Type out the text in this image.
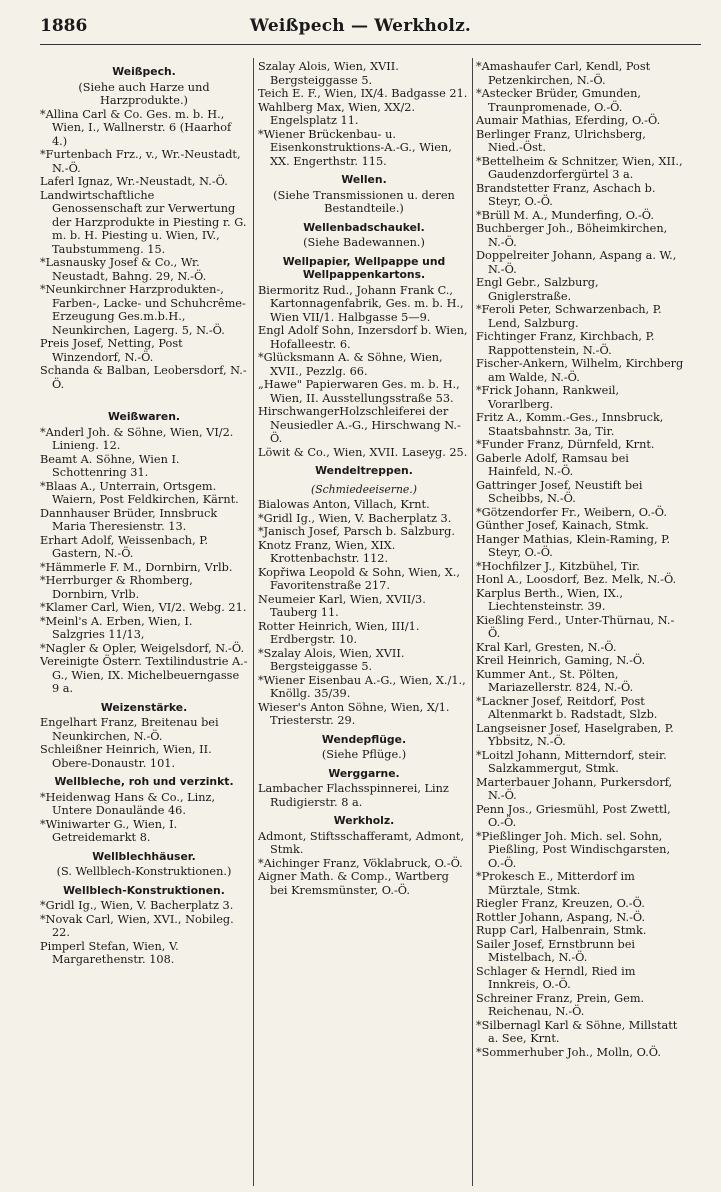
1886	Weißpech — Werkholz.
Weißpech.
(Siehe auch Harze und Harzprodukte.)
*Allina Carl & Co. Ges. m. b. H., Wien, I., Wallnerstr. 6 (Haarhof 4.)
*Furtenbach Frz., v., Wr.-Neustadt, N.-Ö.
Laferl Ignaz, Wr.-Neustadt, N.-Ö.
Landwirtschaftliche Genossenschaft zur Verwertung der Harzprodukte in Piesting r. G. m. b. H. Piesting u. Wien, IV., Taubstummeng. 15.
*Lasnausky Josef & Co., Wr. Neustadt, Bahng. 29, N.-Ö.
*Neunkirchner Harzprodukten-, Farben-, Lacke- und Schuhcrême-Erzeugung Ges.m.b.H., Neunkirchen, Lagerg. 5, N.-Ö.
Preis Josef, Netting, Post Winzendorf, N.-Ö.
Schanda & Balban, Leobersdorf, N.-Ö.
Weißwaren.
*Anderl Joh. & Söhne, Wien, VI/2. Linieng. 12.
Beamt A. Söhne, Wien I. Schottenring 31.
*Blaas A., Unterrain, Ortsgem. Waiern, Post Feldkirchen, Kärnt.
Dannhauser Brüder, Innsbruck Maria Theresienstr. 13.
Erhart Adolf, Weissenbach, P. Gastern, N.-Ö.
*Hämmerle F. M., Dornbirn, Vrlb.
*Herrburger & Rhomberg, Dornbirn, Vrlb.
*Klamer Carl, Wien, VI/2. Webg. 21.
*Meinl's A. Erben, Wien, I. Salzgries 11/13,
*Nagler & Opler, Weigelsdorf, N.-Ö.
Vereinigte Österr. Textilindustrie A.-G., Wien, IX. Michelbeuerngasse 9 a.
Weizenstärke.
Engelhart Franz, Breitenau bei Neunkirchen, N.-Ö.
Schleißner Heinrich, Wien, II. Obere-Donaustr. 101.
Wellbleche, roh und verzinkt.
*Heidenwag Hans & Co., Linz, Untere Donaulände 46.
*Winiwarter G., Wien, I. Getreidemarkt 8.
Wellblechhäuser.
(S. Wellblech-Konstruktionen.)
Wellblech-Konstruktionen.
*Gridl Ig., Wien, V. Bacherplatz 3.
*Novak Carl, Wien, XVI., Nobileg. 22.
Pimperl Stefan, Wien, V. Margarethenstr. 108.
Szalay Alois, Wien, XVII. Bergsteiggasse 5.
Teich E. F., Wien, IX/4. Badgasse 21.
Wahlberg Max, Wien, XX/2. Engelsplatz 11.
*Wiener Brückenbau- u. Eisenkonstruktions-A.-G., Wien, XX. Engerthstr. 115.
Wellen.
(Siehe Transmissionen u. deren Bestandteile.)
Wellenbadschaukel.
(Siehe Badewannen.)
Wellpapier, Wellpappe und Wellpappenkartons.
Biermoritz Rud., Johann Frank C., Kartonnagenfabrik, Ges. m. b. H., Wien VII/1. Halbgasse 5—9.
Engl Adolf Sohn, Inzersdorf b. Wien, Hofalleestr. 6.
*Glücksmann A. & Söhne, Wien, XVII., Pezzlg. 66.
„Hawe" Papierwaren Ges. m. b. H., Wien, II. Ausstellungsstraße 53.
HirschwangerHolzschleiferei der Neusiedler A.-G., Hirschwang N.-Ö.
Löwit & Co., Wien, XVII. Laseyg. 25.
Wendeltreppen.
(Schmiedeeiserne.)
Bialowas Anton, Villach, Krnt.
*Gridl Ig., Wien, V. Bacherplatz 3.
*Janisch Josef, Parsch b. Salzburg.
Knotz Franz, Wien, XIX. Krottenbachstr. 112.
Kopřiwa Leopold & Sohn, Wien, X., Favoritenstraße 217.
Neumeier Karl, Wien, XVII/3. Tauberg 11.
Rotter Heinrich, Wien, III/1. Erdbergstr. 10.
*Szalay Alois, Wien, XVII. Bergsteiggasse 5.
*Wiener Eisenbau A.-G., Wien, X./1., Knöllg. 35/39.
Wieser's Anton Söhne, Wien, X/1. Triesterstr. 29.
Wendepflüge.
(Siehe Pflüge.)
Werggarne.
Lambacher Flachsspinnerei, Linz Rudigierstr. 8 a.
Werkholz.
Admont, Stiftsschafferamt, Admont, Stmk.
*Aichinger Franz, Vöklabruck, O.-Ö.
Aigner Math. & Comp., Wartberg bei Kremsmünster, O.-Ö.
*Amashaufer Carl, Kendl, Post Petzenkirchen, N.-Ö.
*Astecker Brüder, Gmunden, Traunpromenade, O.-Ö.
Aumair Mathias, Eferding, O.-Ö.
Berlinger Franz, Ulrichsberg, Nied.-Öst.
*Bettelheim & Schnitzer, Wien, XII., Gaudenzdorfergürtel 3 a.
Brandstetter Franz, Aschach b. Steyr, O.-Ö.
*Brüll M. A., Munderfing, O.-Ö.
Buchberger Joh., Böheimkirchen, N.-Ö.
Doppelreiter Johann, Aspang a. W., N.-Ö.
Engl Gebr., Salzburg, Gniglerstraße.
*Feroli Peter, Schwarzenbach, P. Lend, Salzburg.
Fichtinger Franz, Kirchbach, P. Rappottenstein, N.-Ö.
Fischer-Ankern, Wilhelm, Kirchberg am Walde, N.-Ö.
*Frick Johann, Rankweil, Vorarlberg.
Fritz A., Komm.-Ges., Innsbruck, Staatsbahnstr. 3a, Tir.
*Funder Franz, Dürnfeld, Krnt.
Gaberle Adolf, Ramsau bei Hainfeld, N.-Ö.
Gattringer Josef, Neustift bei Scheibbs, N.-Ö.
*Götzendorfer Fr., Weibern, O.-Ö.
Günther Josef, Kainach, Stmk.
Hanger Mathias, Klein-Raming, P. Steyr, O.-Ö.
*Hochfilzer J., Kitzbühel, Tir.
Honl A., Loosdorf, Bez. Melk, N.-Ö.
Karplus Berth., Wien, IX., Liechtensteinstr. 39.
Kießling Ferd., Unter-Thürnau, N.-Ö.
Kral Karl, Gresten, N.-Ö.
Kreil Heinrich, Gaming, N.-Ö.
Kummer Ant., St. Pölten, Mariazellerstr. 824, N.-Ö.
*Lackner Josef, Reitdorf, Post Altenmarkt b. Radstadt, Slzb.
Langseisner Josef, Haselgraben, P. Ybbsitz, N.-Ö.
*Loitzl Johann, Mitterndorf, steir. Salzkammergut, Stmk.
Marterbauer Johann, Purkersdorf, N.-Ö.
Penn Jos., Griesmühl, Post Zwettl, O.-Ö.
*Pießlinger Joh. Mich. sel. Sohn, Pießling, Post Windischgarsten, O.-Ö.
*Prokesch E., Mitterdorf im Mürztale, Stmk.
Riegler Franz, Kreuzen, O.-Ö.
Rottler Johann, Aspang, N.-Ö.
Rupp Carl, Halbenrain, Stmk.
Sailer Josef, Ernstbrunn bei Mistelbach, N.-Ö.
Schlager & Herndl, Ried im Innkreis, O.-Ö.
Schreiner Franz, Prein, Gem. Reichenau, N.-Ö.
*Silbernagl Karl & Söhne, Millstatt a. See, Krnt.
*Sommerhuber Joh., Molln, O.Ö.
